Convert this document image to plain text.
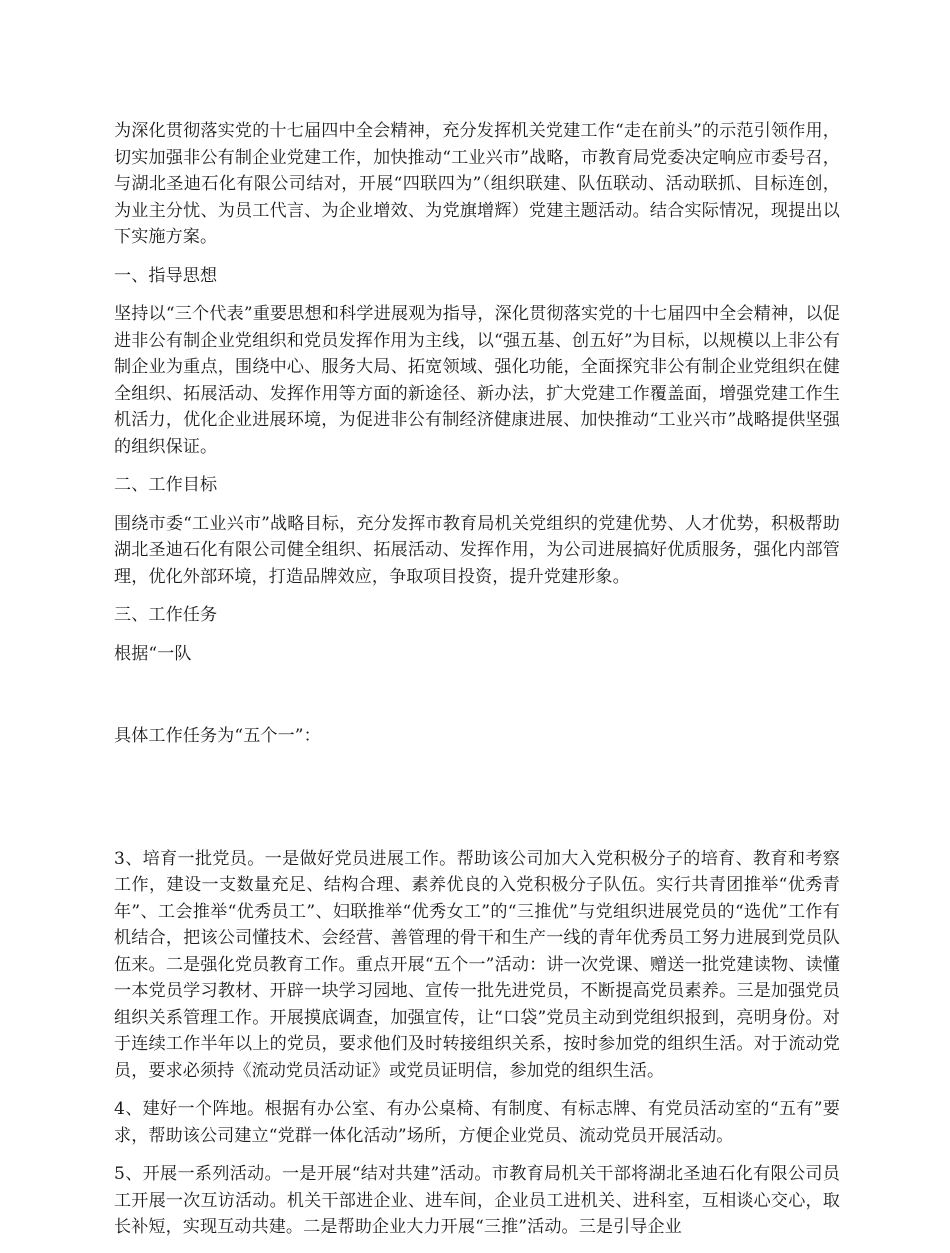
为深化贯彻落实党的十七届四中全会精神，充分发挥机关党建工作“走在前头”的示范引领作用，切实加强非公有制企业党建工作，加快推动“工业兴市”战略，市教育局党委决定响应市委号召，与湖北圣迪石化有限公司结对，开展“四联四为”（组织联建、队伍联动、活动联抓、目标连创，为业主分忧、为员工代言、为企业增效、为党旗增辉）党建主题活动。结合实际情况，现提出以下实施方案。

一、指导思想

坚持以“三个代表”重要思想和科学进展观为指导，深化贯彻落实党的十七届四中全会精神，以促进非公有制企业党组织和党员发挥作用为主线，以“强五基、创五好”为目标，以规模以上非公有制企业为重点，围绕中心、服务大局、拓宽领域、强化功能，全面探究非公有制企业党组织在健全组织、拓展活动、发挥作用等方面的新途径、新办法，扩大党建工作覆盖面，增强党建工作生机活力，优化企业进展环境，为促进非公有制经济健康进展、加快推动“工业兴市”战略提供坚强的组织保证。

二、工作目标

围绕市委“工业兴市”战略目标，充分发挥市教育局机关党组织的党建优势、人才优势，积极帮助湖北圣迪石化有限公司健全组织、拓展活动、发挥作用，为公司进展搞好优质服务，强化内部管理，优化外部环境，打造品牌效应，争取项目投资，提升党建形象。

三、工作任务

根据“一队

具体工作任务为“五个一”：

3、培育一批党员。一是做好党员进展工作。帮助该公司加大入党积极分子的培育、教育和考察工作，建设一支数量充足、结构合理、素养优良的入党积极分子队伍。实行共青团推举“优秀青年”、工会推举“优秀员工”、妇联推举“优秀女工”的“三推优”与党组织进展党员的“选优”工作有机结合，把该公司懂技术、会经营、善管理的骨干和生产一线的青年优秀员工努力进展到党员队伍来。二是强化党员教育工作。重点开展“五个一”活动：讲一次党课、赠送一批党建读物、读懂一本党员学习教材、开辟一块学习园地、宣传一批先进党员，不断提高党员素养。三是加强党员组织关系管理工作。开展摸底调查，加强宣传，让“口袋”党员主动到党组织报到，亮明身份。对于连续工作半年以上的党员，要求他们及时转接组织关系，按时参加党的组织生活。对于流动党员，要求必须持《流动党员活动证》或党员证明信，参加党的组织生活。

4、建好一个阵地。根据有办公室、有办公桌椅、有制度、有标志牌、有党员活动室的“五有”要求，帮助该公司建立“党群一体化活动”场所，方便企业党员、流动党员开展活动。

5、开展一系列活动。一是开展“结对共建”活动。市教育局机关干部将湖北圣迪石化有限公司员工开展一次互访活动。机关干部进企业、进车间，企业员工进机关、进科室，互相谈心交心，取长补短，实现互动共建。二是帮助企业大力开展“三推”活动。三是引导企业
